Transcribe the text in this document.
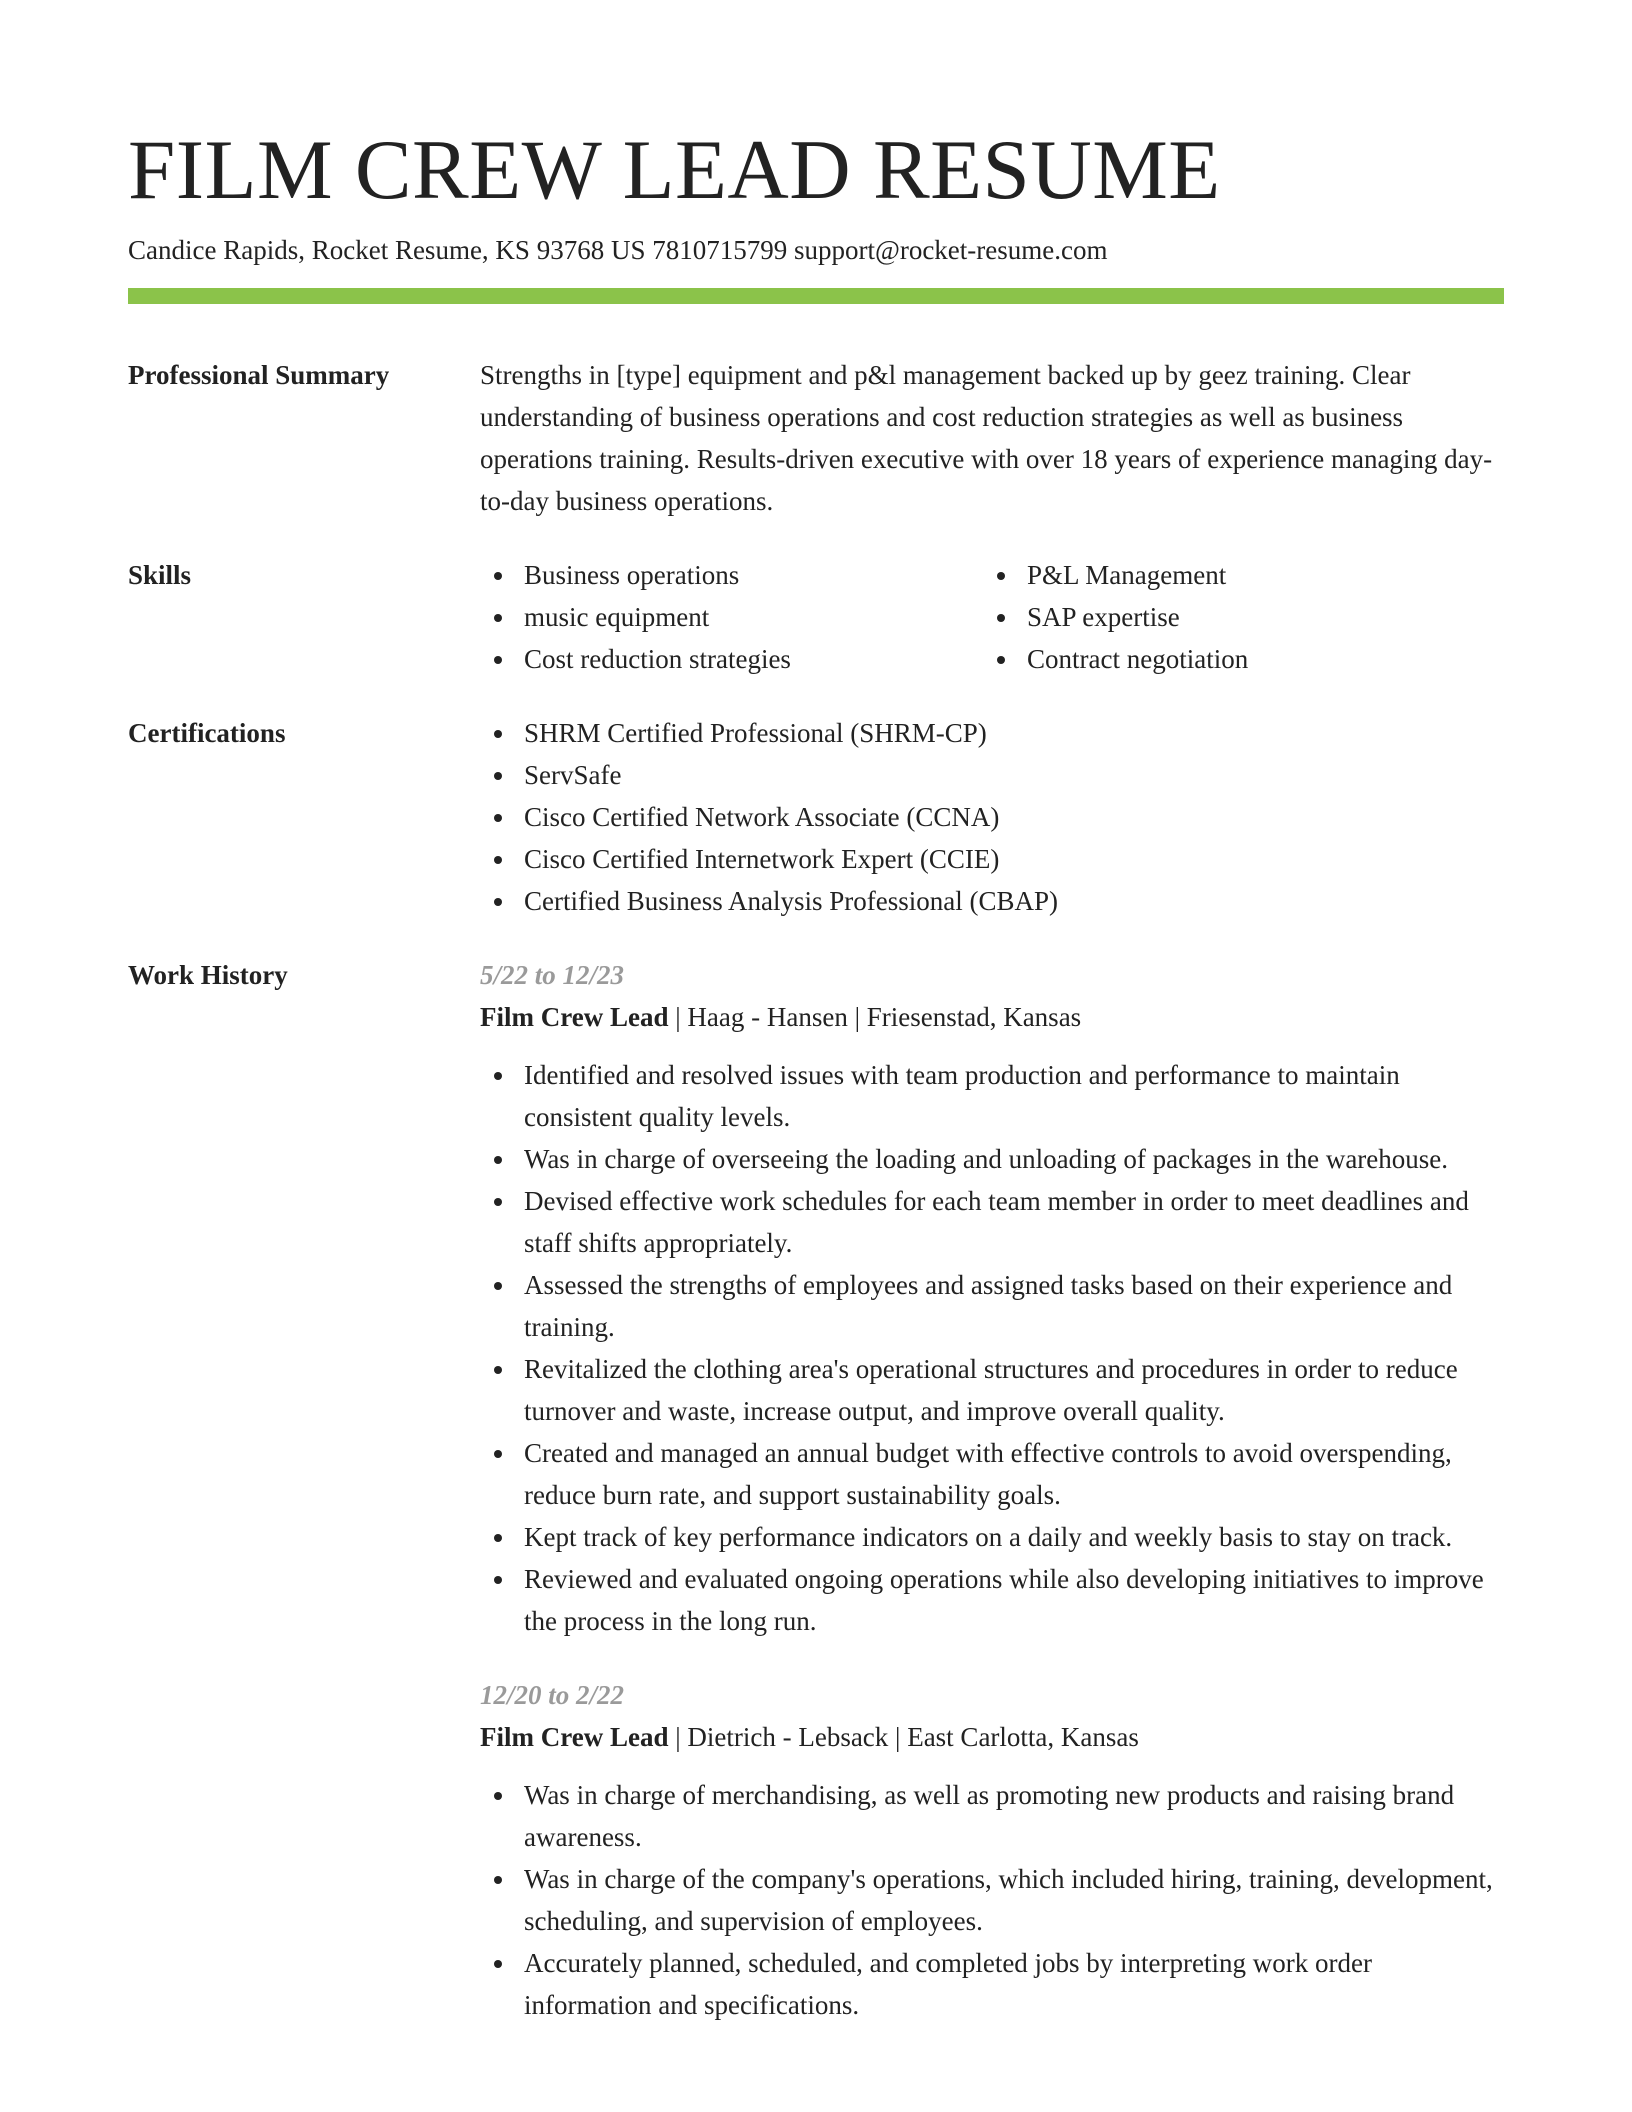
FILM CREW LEAD RESUME
Candice Rapids, Rocket Resume, KS 93768 US 7810715799 support@rocket-resume.com
Professional Summary	Strengths in [type] equipment and p&l management backed up by geez training. Clear understanding of business operations and cost reduction strategies as well as business operations training. Results-driven executive with over 18 years of experience managing day-to-day business operations.
Skills	Business operations
music equipment
Cost reduction strategies
P&L Management
SAP expertise
Contract negotiation
Certifications	SHRM Certified Professional (SHRM-CP)
ServSafe
Cisco Certified Network Associate (CCNA)
Cisco Certified Internetwork Expert (CCIE)
Certified Business Analysis Professional (CBAP)
Work History	5/22 to 12/23
Film Crew Lead | Haag - Hansen | Friesenstad, Kansas
Identified and resolved issues with team production and performance to maintain consistent quality levels.
Was in charge of overseeing the loading and unloading of packages in the warehouse.
Devised effective work schedules for each team member in order to meet deadlines and staff shifts appropriately.
Assessed the strengths of employees and assigned tasks based on their experience and training.
Revitalized the clothing area's operational structures and procedures in order to reduce turnover and waste, increase output, and improve overall quality.
Created and managed an annual budget with effective controls to avoid overspending, reduce burn rate, and support sustainability goals.
Kept track of key performance indicators on a daily and weekly basis to stay on track.
Reviewed and evaluated ongoing operations while also developing initiatives to improve the process in the long run.
12/20 to 2/22
Film Crew Lead | Dietrich - Lebsack | East Carlotta, Kansas
Was in charge of merchandising, as well as promoting new products and raising brand awareness.
Was in charge of the company's operations, which included hiring, training, development, scheduling, and supervision of employees.
Accurately planned, scheduled, and completed jobs by interpreting work order information and specifications.
